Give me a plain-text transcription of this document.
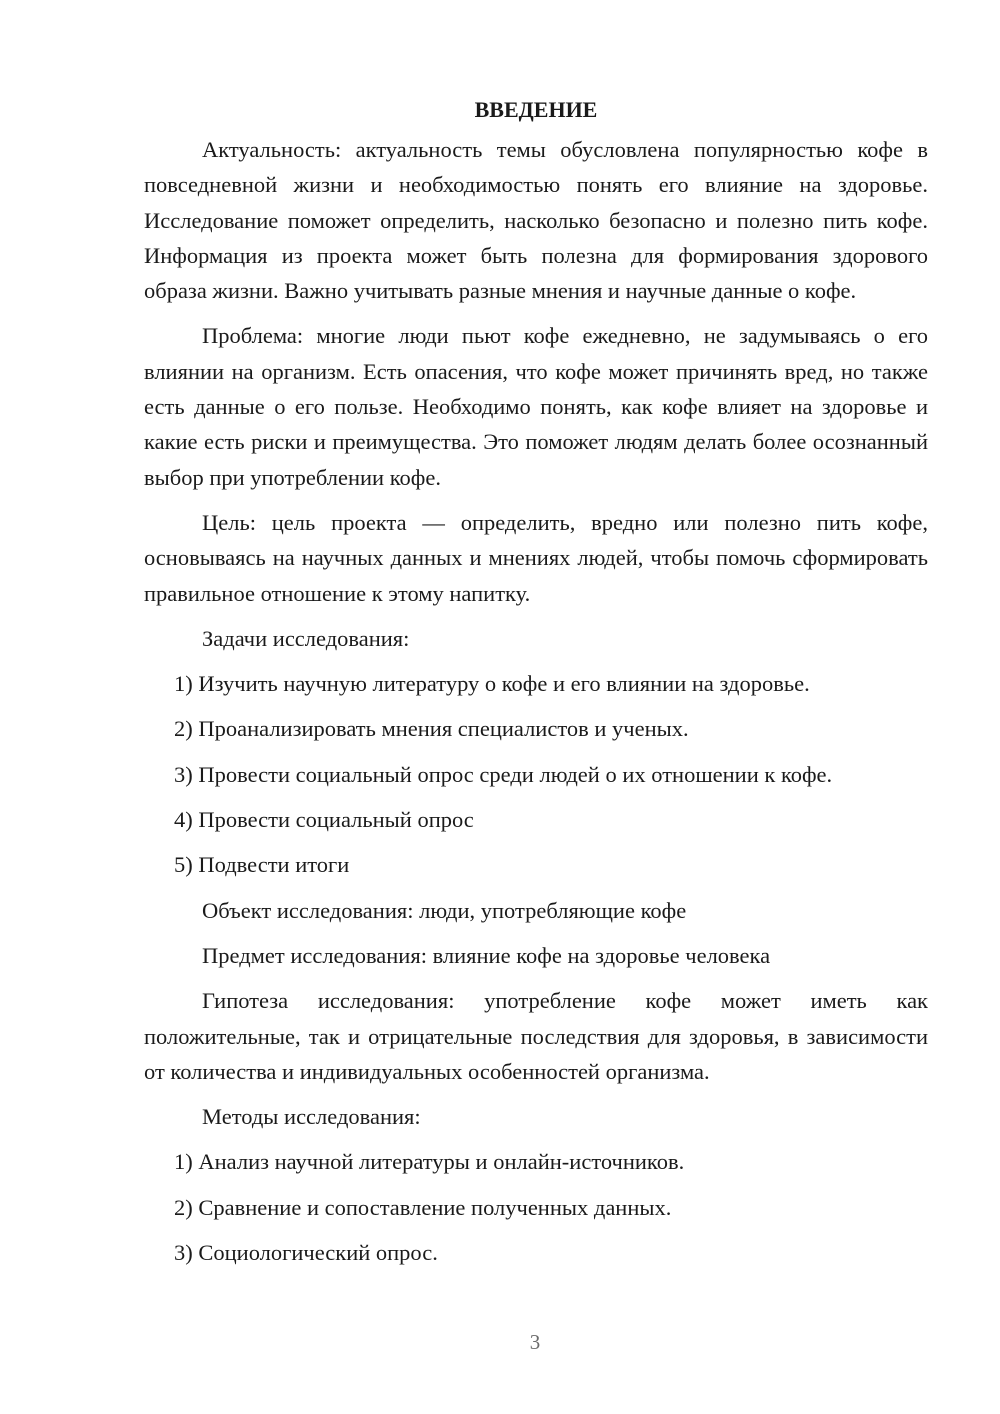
ВВЕДЕНИЕ

Актуальность: актуальность темы обусловлена популярностью кофе в повседневной жизни и необходимостью понять его влияние на здоровье. Исследование поможет определить, насколько безопасно и полезно пить кофе. Информация из проекта может быть полезна для формирования здорового образа жизни. Важно учитывать разные мнения и научные данные о кофе.

Проблема: многие люди пьют кофе ежедневно, не задумываясь о его влиянии на организм. Есть опасения, что кофе может причинять вред, но также есть данные о его пользе. Необходимо понять, как кофе влияет на здоровье и какие есть риски и преимущества. Это поможет людям делать более осознанный выбор при употреблении кофе.

Цель: цель проекта — определить, вредно или полезно пить кофе, основываясь на научных данных и мнениях людей, чтобы помочь сформировать правильное отношение к этому напитку.

Задачи исследования:

1) Изучить научную литературу о кофе и его влиянии на здоровье.
2) Проанализировать мнения специалистов и ученых.
3) Провести социальный опрос среди людей о их отношении к кофе.
4) Провести социальный опрос
5) Подвести итоги

Объект исследования: люди, употребляющие кофе

Предмет исследования: влияние кофе на здоровье человека

Гипотеза исследования: употребление кофе может иметь как положительные, так и отрицательные последствия для здоровья, в зависимости от количества и индивидуальных особенностей организма.

Методы исследования:

1) Анализ научной литературы и онлайн-источников.
2) Сравнение и сопоставление полученных данных.
3) Социологический опрос.
3
